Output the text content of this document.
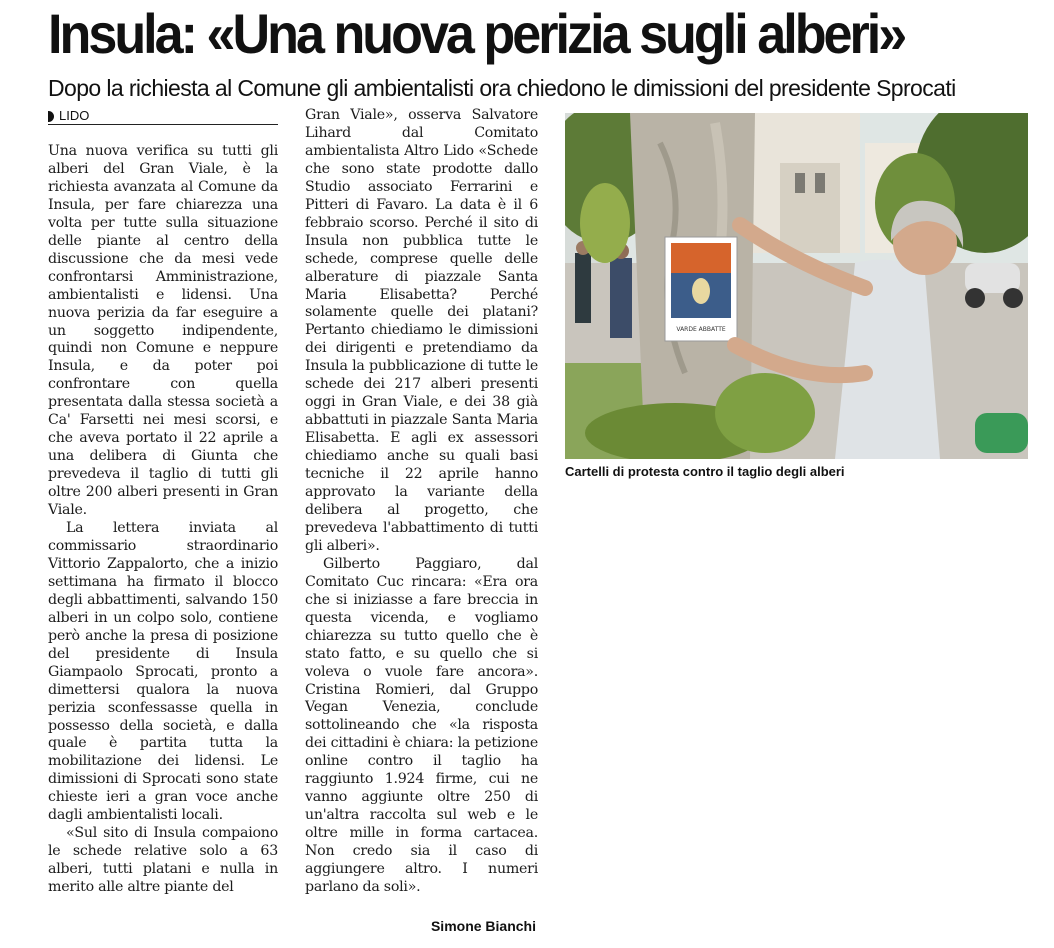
Insula: «Una nuova perizia sugli alberi»
Dopo la richiesta al Comune gli ambientalisti ora chiedono le dimissioni del presidente Sprocati
LIDO

Una nuova verifica su tutti gli alberi del Gran Viale, è la richiesta avanzata al Comune da Insula, per fare chiarezza una volta per tutte sulla situazione delle piante al centro della discussione che da mesi vede confrontarsi Amministrazione, ambientalisti e lidensi. Una nuova perizia da far eseguire a un soggetto indipendente, quindi non Comune e neppure Insula, e da poter poi confrontare con quella presentata dalla stessa società a Ca' Farsetti nei mesi scorsi, e che aveva portato il 22 aprile a una delibera di Giunta che prevedeva il taglio di tutti gli oltre 200 alberi presenti in Gran Viale.

La lettera inviata al commissario straordinario Vittorio Zappalorto, che a inizio settimana ha firmato il blocco degli abbattimenti, salvando 150 alberi in un colpo solo, contiene però anche la presa di posizione del presidente di Insula Giampaolo Sprocati, pronto a dimettersi qualora la nuova perizia sconfessasse quella in possesso della società, e dalla quale è partita tutta la mobilitazione dei lidensi. Le dimissioni di Sprocati sono state chieste ieri a gran voce anche dagli ambientalisti locali.

«Sul sito di Insula compaiono le schede relative solo a 63 alberi, tutti platani e nulla in merito alle altre piante del

Gran Viale», osserva Salvatore Lihard dal Comitato ambientalista Altro Lido «Schede che sono state prodotte dallo Studio associato Ferrarini e Pitteri di Favaro. La data è il 6 febbraio scorso. Perché il sito di Insula non pubblica tutte le schede, comprese quelle delle alberature di piazzale Santa Maria Elisabetta? Perché solamente quelle dei platani? Pertanto chiediamo le dimissioni dei dirigenti e pretendiamo da Insula la pubblicazione di tutte le schede dei 217 alberi presenti oggi in Gran Viale, e dei 38 già abbattuti in piazzale Santa Maria Elisabetta. E agli ex assessori chiediamo anche su quali basi tecniche il 22 aprile hanno approvato la variante della delibera al progetto, che prevedeva l'abbattimento di tutti gli alberi».

Gilberto Paggiaro, dal Comitato Cuc rincara: «Era ora che si iniziasse a fare breccia in questa vicenda, e vogliamo chiarezza su tutto quello che è stato fatto, e su quello che si voleva o vuole fare ancora». Cristina Romieri, dal Gruppo Vegan Venezia, conclude sottolineando che «la risposta dei cittadini è chiara: la petizione online contro il taglio ha raggiunto 1.924 firme, cui ne vanno aggiunte oltre 250 di un'altra raccolta sul web e le oltre mille in forma cartacea. Non credo sia il caso di aggiungere altro. I numeri parlano da soli».

Simone Bianchi
VARDE ABBATTE
Cartelli di protesta contro il taglio degli alberi
